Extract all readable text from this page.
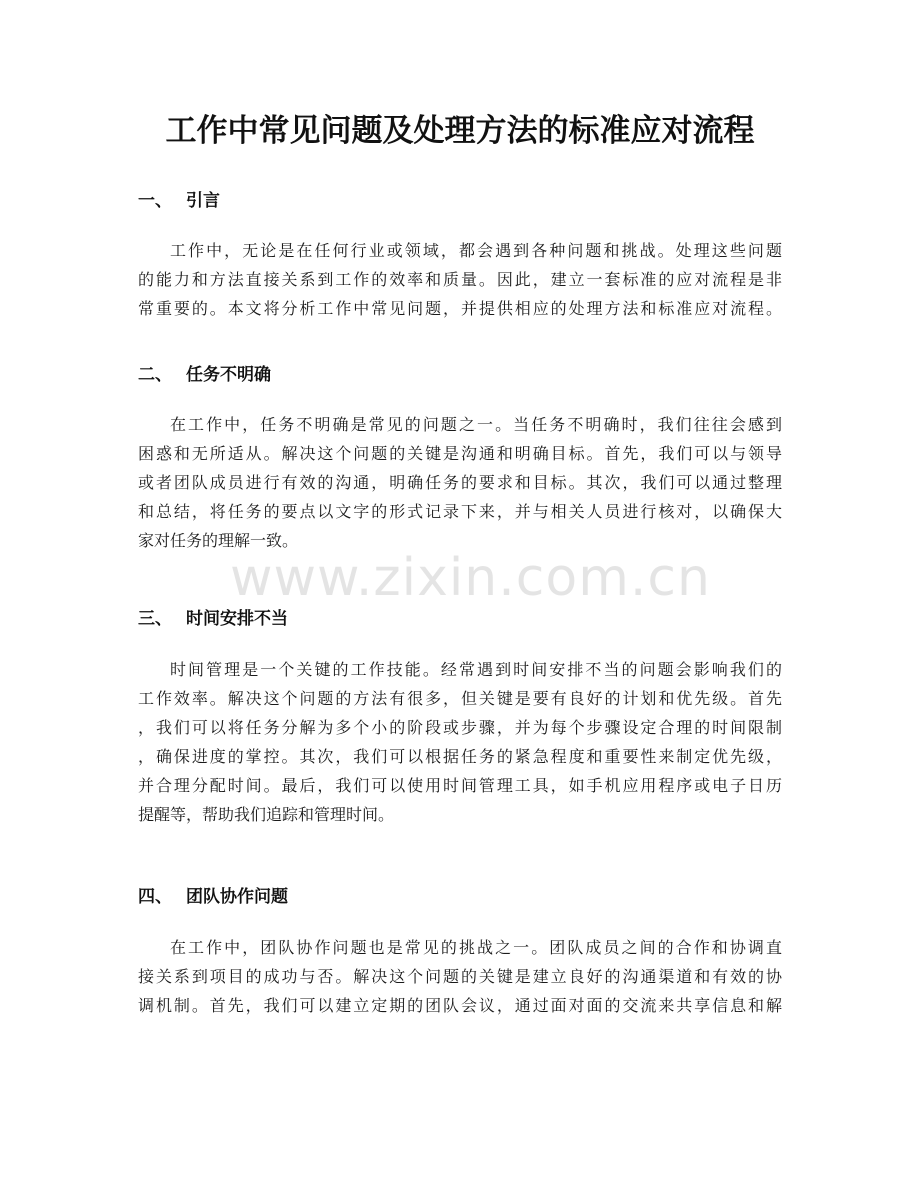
工作中常见问题及处理方法的标准应对流程
一、 引言
工作中，无论是在任何行业或领域，都会遇到各种问题和挑战。处理这些问题
的能力和方法直接关系到工作的效率和质量。因此，建立一套标准的应对流程是非
常重要的。本文将分析工作中常见问题，并提供相应的处理方法和标准应对流程。
二、 任务不明确
在工作中，任务不明确是常见的问题之一。当任务不明确时，我们往往会感到
困惑和无所适从。解决这个问题的关键是沟通和明确目标。首先，我们可以与领导
或者团队成员进行有效的沟通，明确任务的要求和目标。其次，我们可以通过整理
和总结，将任务的要点以文字的形式记录下来，并与相关人员进行核对，以确保大
家对任务的理解一致。
三、 时间安排不当
时间管理是一个关键的工作技能。经常遇到时间安排不当的问题会影响我们的
工作效率。解决这个问题的方法有很多，但关键是要有良好的计划和优先级。首先
，我们可以将任务分解为多个小的阶段或步骤，并为每个步骤设定合理的时间限制
，确保进度的掌控。其次，我们可以根据任务的紧急程度和重要性来制定优先级，
并合理分配时间。最后，我们可以使用时间管理工具，如手机应用程序或电子日历
提醒等，帮助我们追踪和管理时间。
四、 团队协作问题
在工作中，团队协作问题也是常见的挑战之一。团队成员之间的合作和协调直
接关系到项目的成功与否。解决这个问题的关键是建立良好的沟通渠道和有效的协
调机制。首先，我们可以建立定期的团队会议，通过面对面的交流来共享信息和解
www.zixin.com.cn
